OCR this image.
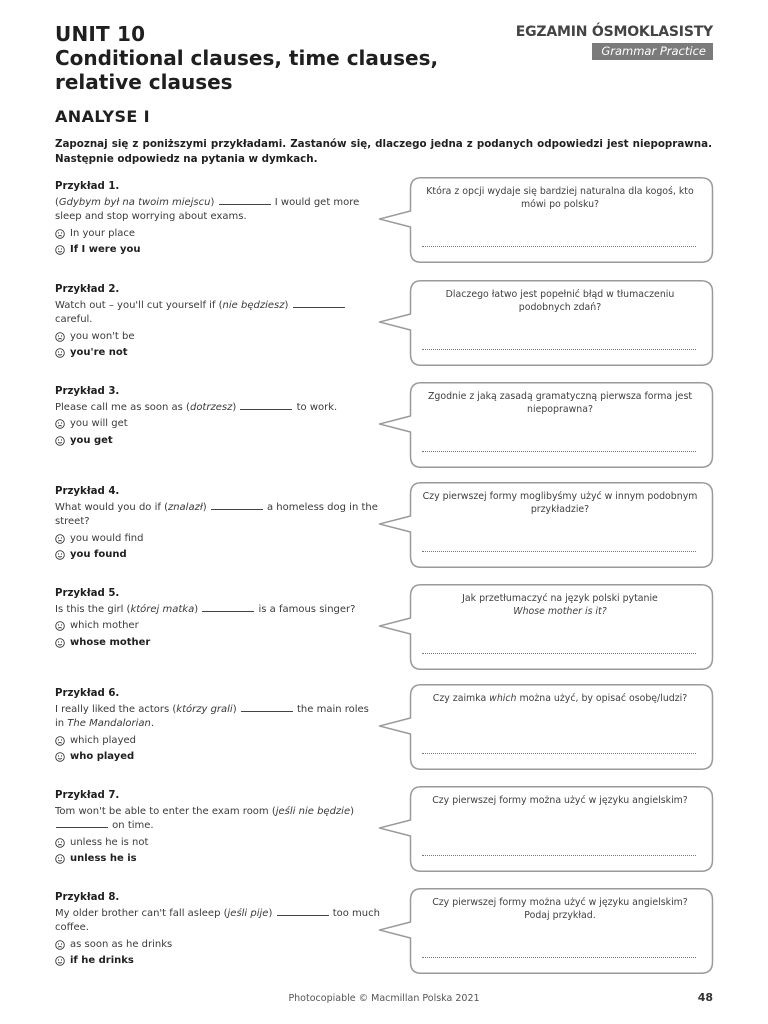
UNIT 10
Conditional clauses, time clauses, relative clauses
EGZAMIN ÓSMOKLASISTY
Grammar Practice
ANALYSE I
Zapoznaj się z poniższymi przykładami. Zastanów się, dlaczego jedna z podanych odpowiedzi jest niepoprawna. Następnie odpowiedz na pytania w dymkach.
Przykład 1.
(Gdybym był na twoim miejscu)	I would get more sleep and stop worrying about exams.
In your place
If I were you
Która z opcji wydaje się bardziej naturalna dla kogoś, kto mówi po polsku?
Przykład 2.
Watch out – you'll cut yourself if (nie będziesz)  careful.
you won't be
you're not
Dlaczego łatwo jest popełnić błąd w tłumaczeniu podobnych zdań?
Przykład 3.
Please call me as soon as (dotrzesz)	to work.
you will get
you get
Zgodnie z jaką zasadą gramatyczną pierwsza forma jest niepoprawna?
Przykład 4.
What would you do if (znalazł)	a homeless dog in the street?
you would find
you found
Czy pierwszej formy moglibyśmy użyć w innym podobnym przykładzie?
Przykład 5.
Is this the girl (której matka)	is a famous singer?
which mother
whose mother
Jak przetłumaczyć na język polski pytanie
Whose mother is it?
Przykład 6.
I really liked the actors (którzy grali)	the main roles in The Mandalorian.
which played
who played
Czy zaimka which można użyć, by opisać osobę/ludzi?
Przykład 7.
Tom won't be able to enter the exam room (jeśli nie będzie)  on time.
unless he is not
unless he is
Czy pierwszej formy można użyć w języku angielskim?
Przykład 8.
My older brother can't fall asleep (jeśli pije)	too much coffee.
as soon as he drinks
if he drinks
Czy pierwszej formy można użyć w języku angielskim? Podaj przykład.
Photocopiable © Macmillan Polska 2021	48
